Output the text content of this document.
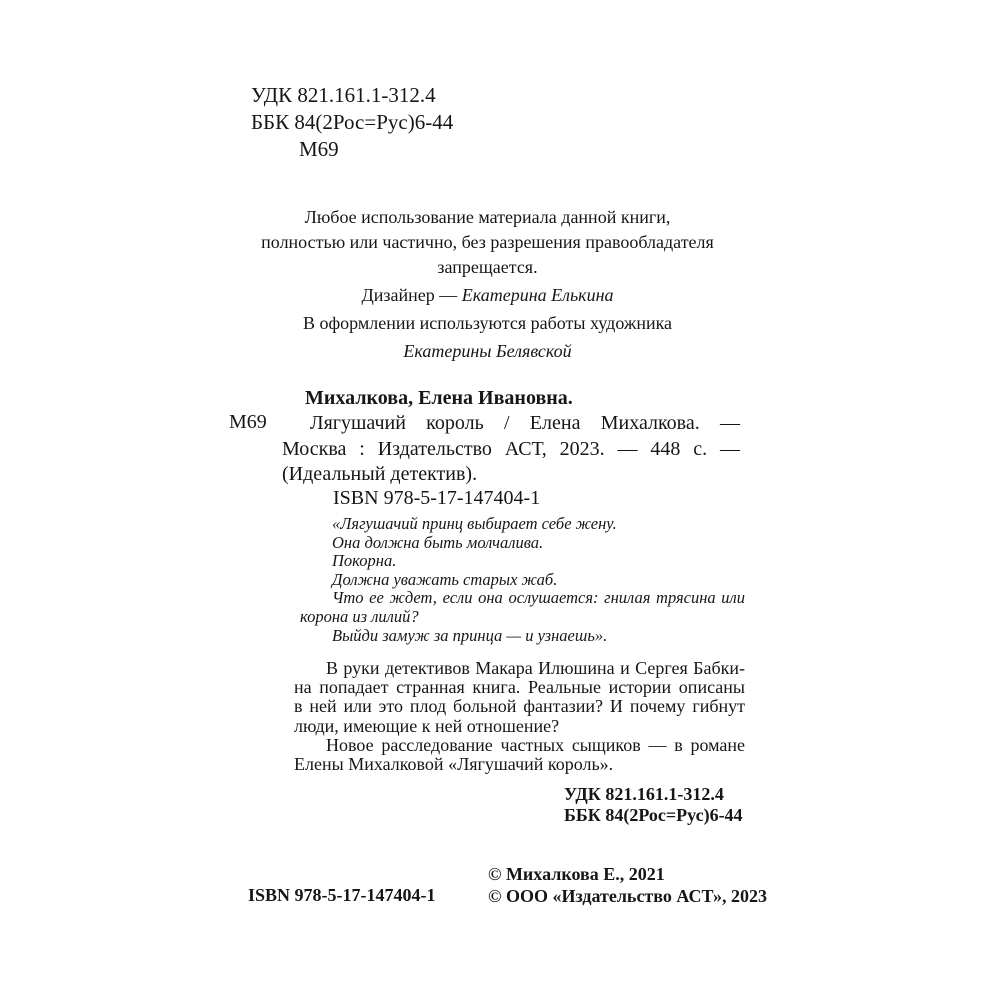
УДК 821.161.1-312.4
ББК 84(2Рос=Рус)6-44
М69
Любое использование материала данной книги,
полностью или частично, без разрешения правообладателя
запрещается.
Дизайнер — Екатерина Елькина
В оформлении используются работы художника
Екатерины Белявской
М69
Михалкова, Елена Ивановна.
Лягушачий король / Елена Михалкова. —
Москва : Издательство АСТ, 2023. — 448 с. —
(Идеальный детектив).
ISBN 978-5-17-147404-1
«Лягушачий принц выбирает себе жену.
Она должна быть молчалива.
Покорна.
Должна уважать старых жаб.
Что ее ждет, если она ослушается: гнилая трясина или
корона из лилий?
Выйди замуж за принца — и узнаешь».
В руки детективов Макара Илюшина и Сергея Бабки-
на попадает странная книга. Реальные истории описаны
в ней или это плод больной фантазии? И почему гибнут
люди, имеющие к ней отношение?
Новое расследование частных сыщиков — в романе
Елены Михалковой «Лягушачий король».
УДК 821.161.1-312.4
ББК 84(2Рос=Рус)6-44
ISBN 978-5-17-147404-1
© Михалкова Е., 2021
© ООО «Издательство АСТ», 2023
